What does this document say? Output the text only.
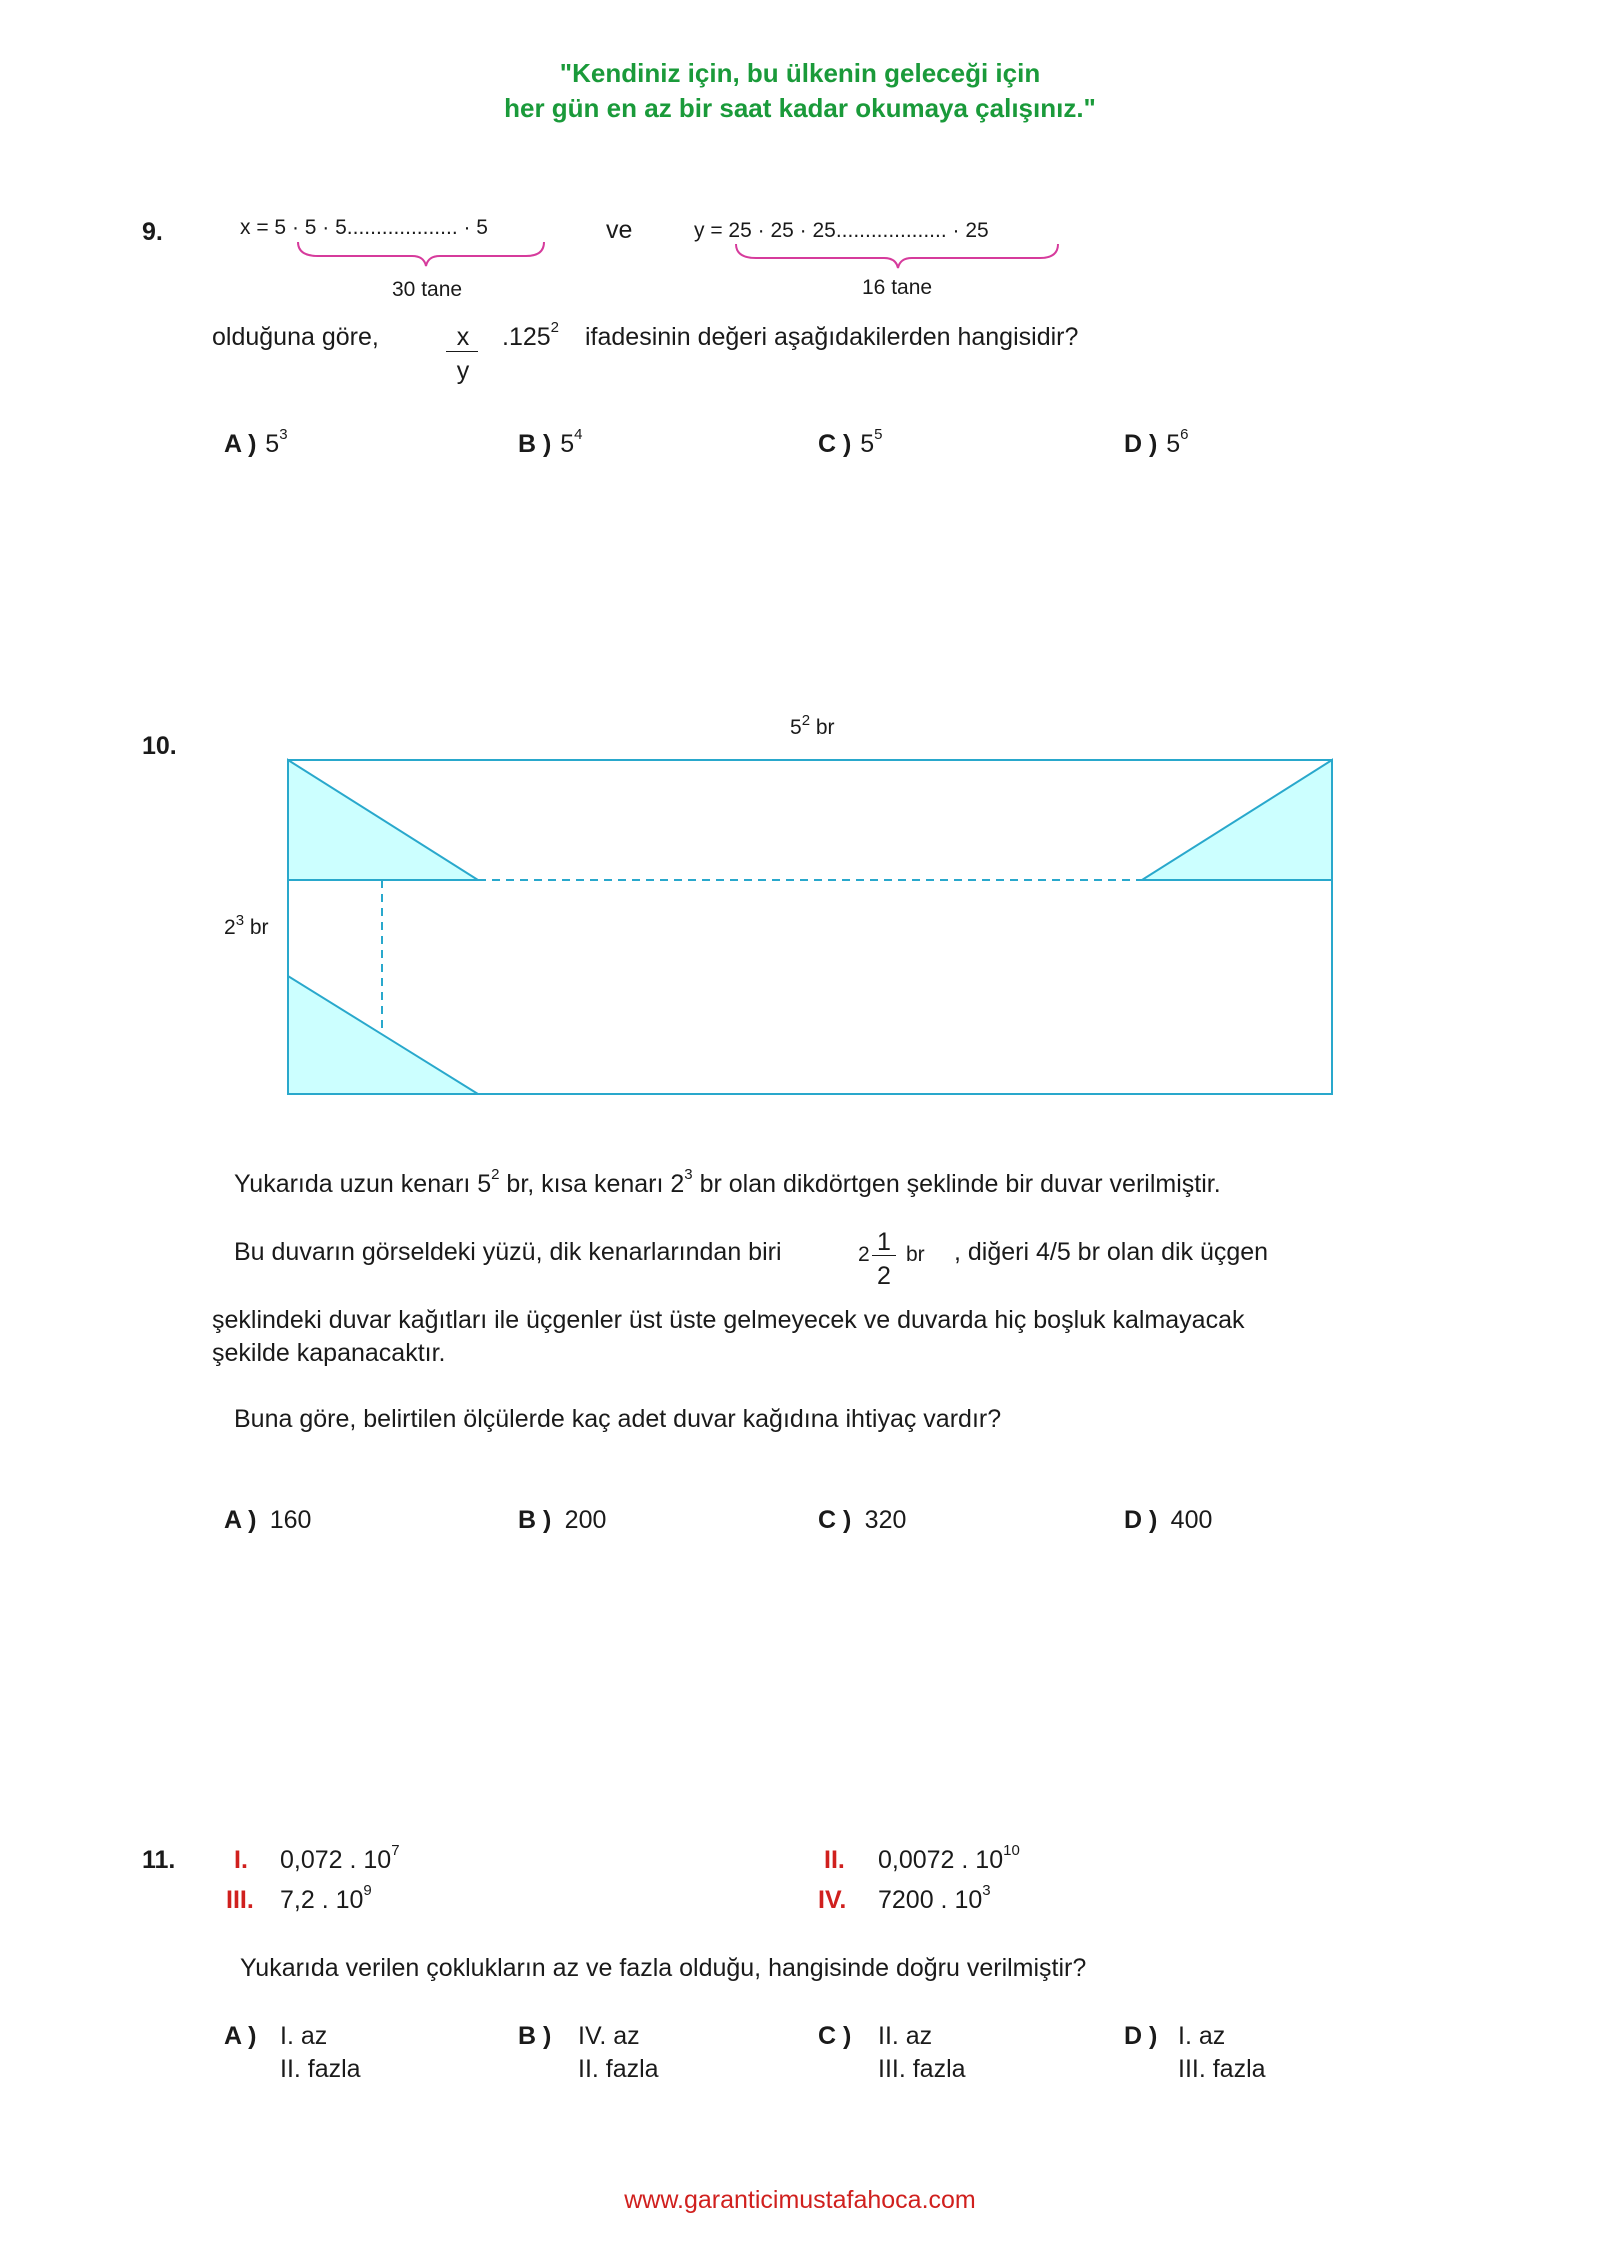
"Kendiniz için, bu ülkenin geleceği için
her gün en az bir saat kadar okumaya çalışınız."
9.	x = 5 · 5 · 5................... · 5
30 tane
ve	y = 25 · 25 · 25................... · 25
16 tane
olduğuna göre,	x
y
.125$^2$ ifadesinin değeri aşağıdakilerden hangisidir?
A ) $5^3$	B ) $5^4$	C ) $5^5$	D ) $5^6$
10.
$5^2$ br
$2^3$ br
Yukarıda uzun kenarı $5^2$ br, kısa kenarı $2^3$ br olan dikdörtgen şeklinde bir duvar verilmiştir.
Bu duvarın görseldeki yüzü, dik kenarlarından biri	2 1
2
br , diğeri 4/5 br olan dik üçgen
şeklindeki duvar kağıtları ile üçgenler üst üste gelmeyecek ve duvarda hiç boşluk kalmayacak
şekilde kapanacaktır.
Buna göre, belirtilen ölçülerde kaç adet duvar kağıdına ihtiyaç vardır?
A ) 160	B ) 200	C ) 320	D ) 400
11. I. 0,072 . $10^7$	II. 0,0072 . $10^{10}$
III. 7,2 . $10^9$	IV. 7200 . $10^3$
Yukarıda verilen çoklukların az ve fazla olduğu, hangisinde doğru verilmiştir?
A ) I. az
II. fazla
B ) IV. az
II. fazla
C ) II. az
III. fazla
D ) I. az
III. fazla
www.garanticimustafahoca.com
